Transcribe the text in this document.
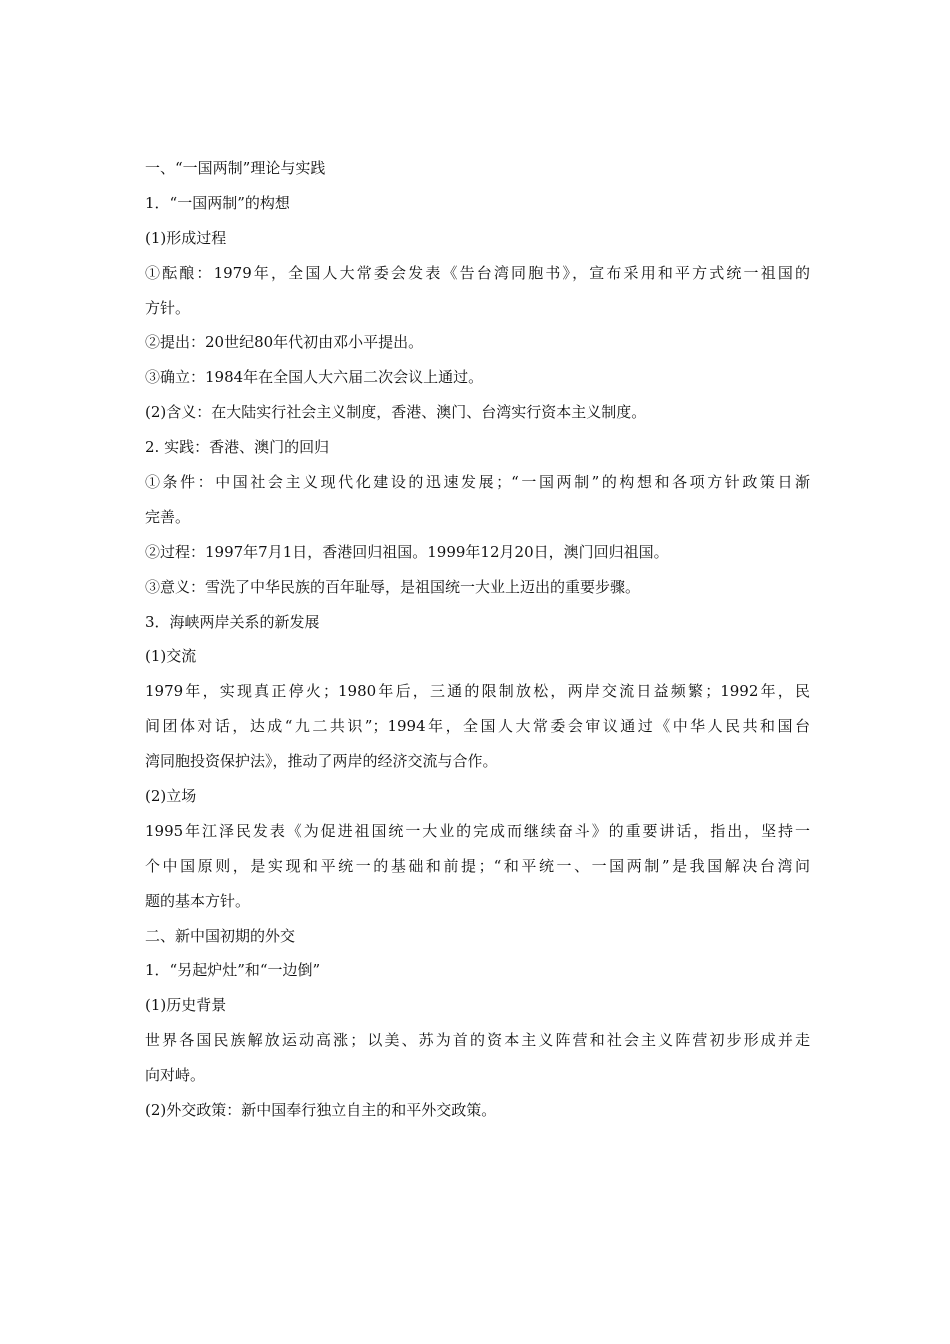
一、“一国两制”理论与实践
1．“一国两制”的构想
(1)形成过程
①酝酿：1979年，全国人大常委会发表《告台湾同胞书》，宣布采用和平方式统一祖国的
方针。
②提出：20世纪80年代初由邓小平提出。
③确立：1984年在全国人大六届二次会议上通过。
(2)含义：在大陆实行社会主义制度，香港、澳门、台湾实行资本主义制度。
2. 实践：香港、澳门的回归
①条件：中国社会主义现代化建设的迅速发展；“一国两制”的构想和各项方针政策日渐
完善。
②过程：1997年7月1日，香港回归祖国。1999年12月20日，澳门回归祖国。
③意义：雪洗了中华民族的百年耻辱，是祖国统一大业上迈出的重要步骤。
3．海峡两岸关系的新发展
(1)交流
1979年，实现真正停火；1980年后，三通的限制放松，两岸交流日益频繁；1992年，民
间团体对话，达成“九二共识”；1994年，全国人大常委会审议通过《中华人民共和国台
湾同胞投资保护法》，推动了两岸的经济交流与合作。
(2)立场
1995年江泽民发表《为促进祖国统一大业的完成而继续奋斗》的重要讲话，指出，坚持一
个中国原则，是实现和平统一的基础和前提；“和平统一、一国两制”是我国解决台湾问
题的基本方针。
二、新中国初期的外交
1．“另起炉灶”和“一边倒”
(1)历史背景
世界各国民族解放运动高涨；以美、苏为首的资本主义阵营和社会主义阵营初步形成并走
向对峙。
(2)外交政策：新中国奉行独立自主的和平外交政策。
